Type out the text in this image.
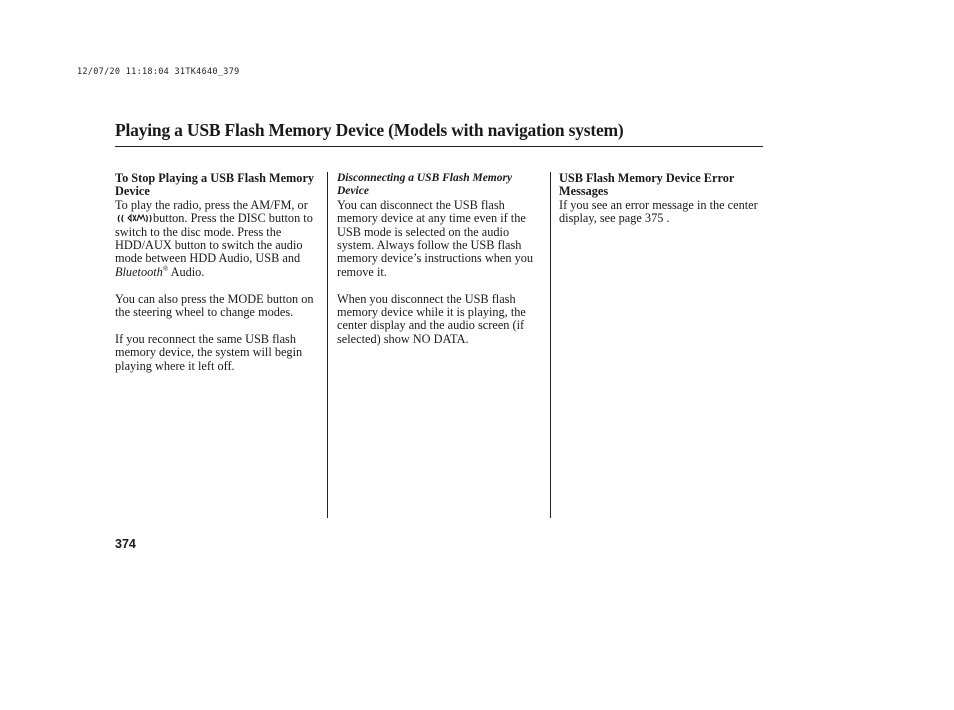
12/07/20 11:18:04 31TK4640_379
Playing a USB Flash Memory Device (Models with navigation system)

To Stop Playing a USB Flash Memory Device

To play the radio, press the AM/FM, or
((	)) button. Press the DISC button to switch to the disc mode. Press the HDD/AUX button to switch the audio mode between HDD Audio, USB and Bluetooth® Audio.

You can also press the MODE button on the steering wheel to change modes.

If you reconnect the same USB flash memory device, the system will begin playing where it left off.

Disconnecting a USB Flash Memory Device

You can disconnect the USB flash memory device at any time even if the USB mode is selected on the audio system. Always follow the USB flash memory device’s instructions when you remove it.

When you disconnect the USB flash memory device while it is playing, the center display and the audio screen (if selected) show NO DATA.

USB Flash Memory Device Error Messages

If you see an error message in the center display, see page 375 .

374
